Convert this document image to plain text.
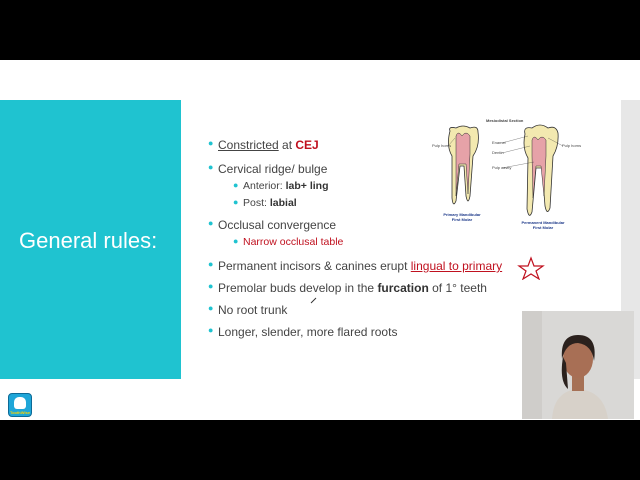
General rules:
● Constricted at CEJ
● Cervical ridge/ bulge
● Anterior: lab+ ling
● Post: labial
● Occlusal convergence
● Narrow occlusal table
● Permanent incisors & canines erupt lingual to primary
● Premolar buds develop in the furcation of 1° teeth
● No root trunk
● Longer, slender, more flared roots
Mesiodistal Section
Pulp horns
Enamel
Dentin
Pulp cavity
Pulp horns
Primary Mandibular
First Molar
Permanent Mandibular
First Molar
ToothWise
